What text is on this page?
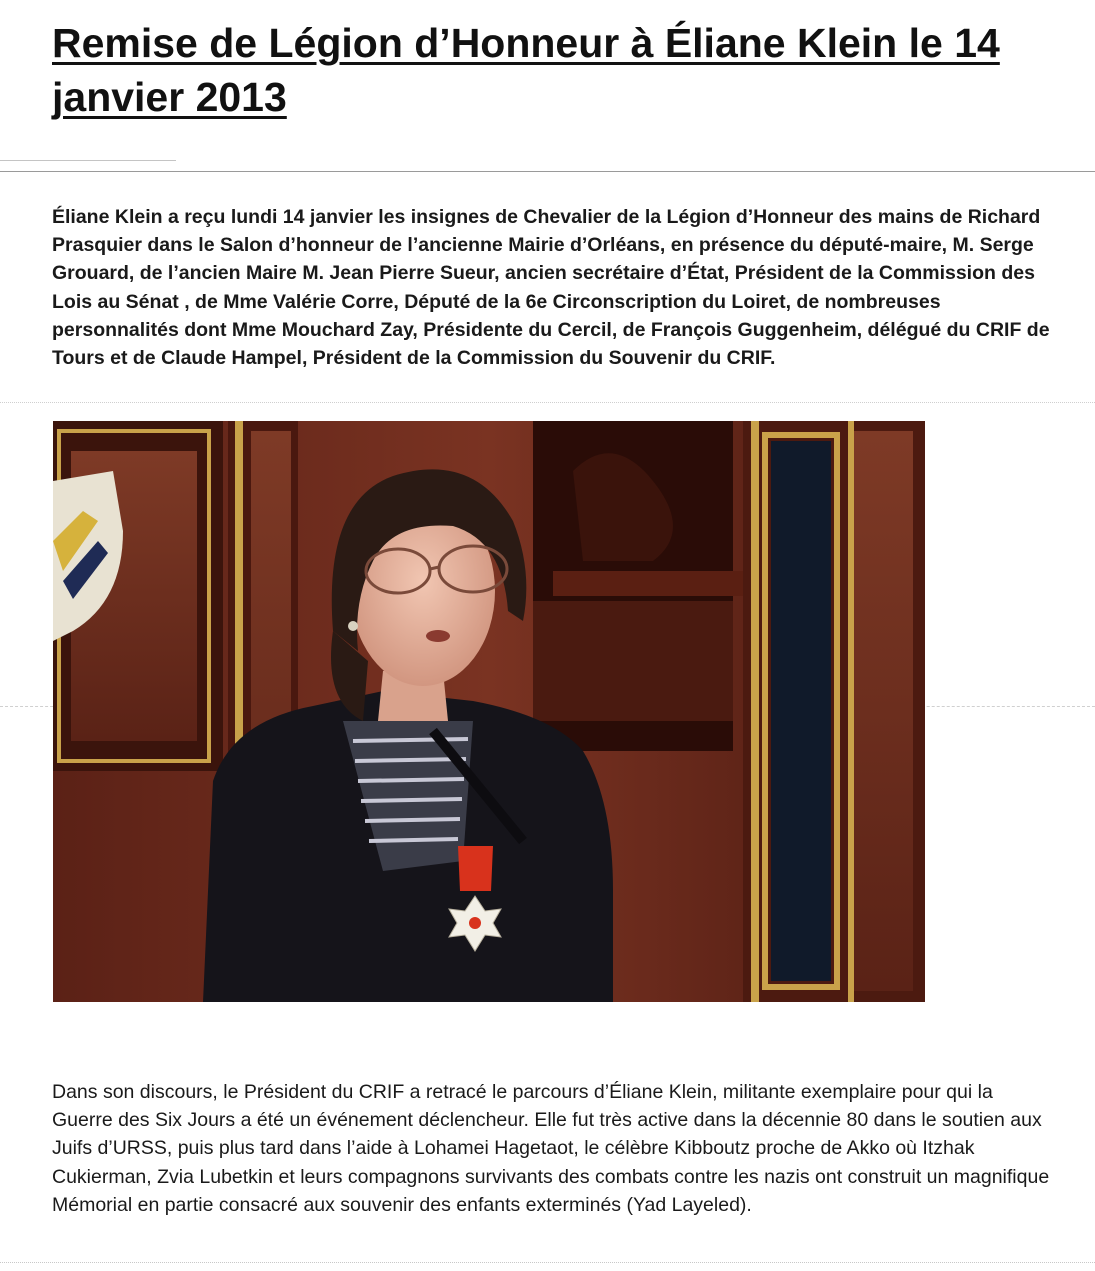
Remise de Légion d’Honneur à Éliane Klein le 14 janvier 2013

Éliane Klein a reçu lundi 14 janvier les insignes de Chevalier de la Légion d’Honneur des mains de Richard Prasquier dans le Salon d’honneur de l’ancienne Mairie d’Orléans, en présence du député-maire, M. Serge Grouard, de l’ancien Maire M. Jean Pierre Sueur, ancien secrétaire d’État, Président de la Commission des Lois au Sénat , de Mme Valérie Corre, Député de la 6e Circonscription du Loiret, de nombreuses personnalités dont Mme Mouchard Zay, Présidente du Cercil, de François Guggenheim, délégué du CRIF de Tours et de Claude Hampel, Président de la Commission du Souvenir du CRIF.

Dans son discours, le Président du CRIF a retracé le parcours d’Éliane Klein, militante exemplaire pour qui la Guerre des Six Jours a été un événement déclencheur. Elle fut très active dans la décennie 80 dans le soutien aux Juifs d’URSS, puis plus tard dans l’aide à Lohamei Hagetaot, le célèbre Kibboutz proche de Akko où Itzhak Cukierman, Zvia Lubetkin et leurs compagnons survivants des combats contre les nazis ont construit un magnifique Mémorial en partie consacré aux souvenir des enfants exterminés (Yad Layeled).
